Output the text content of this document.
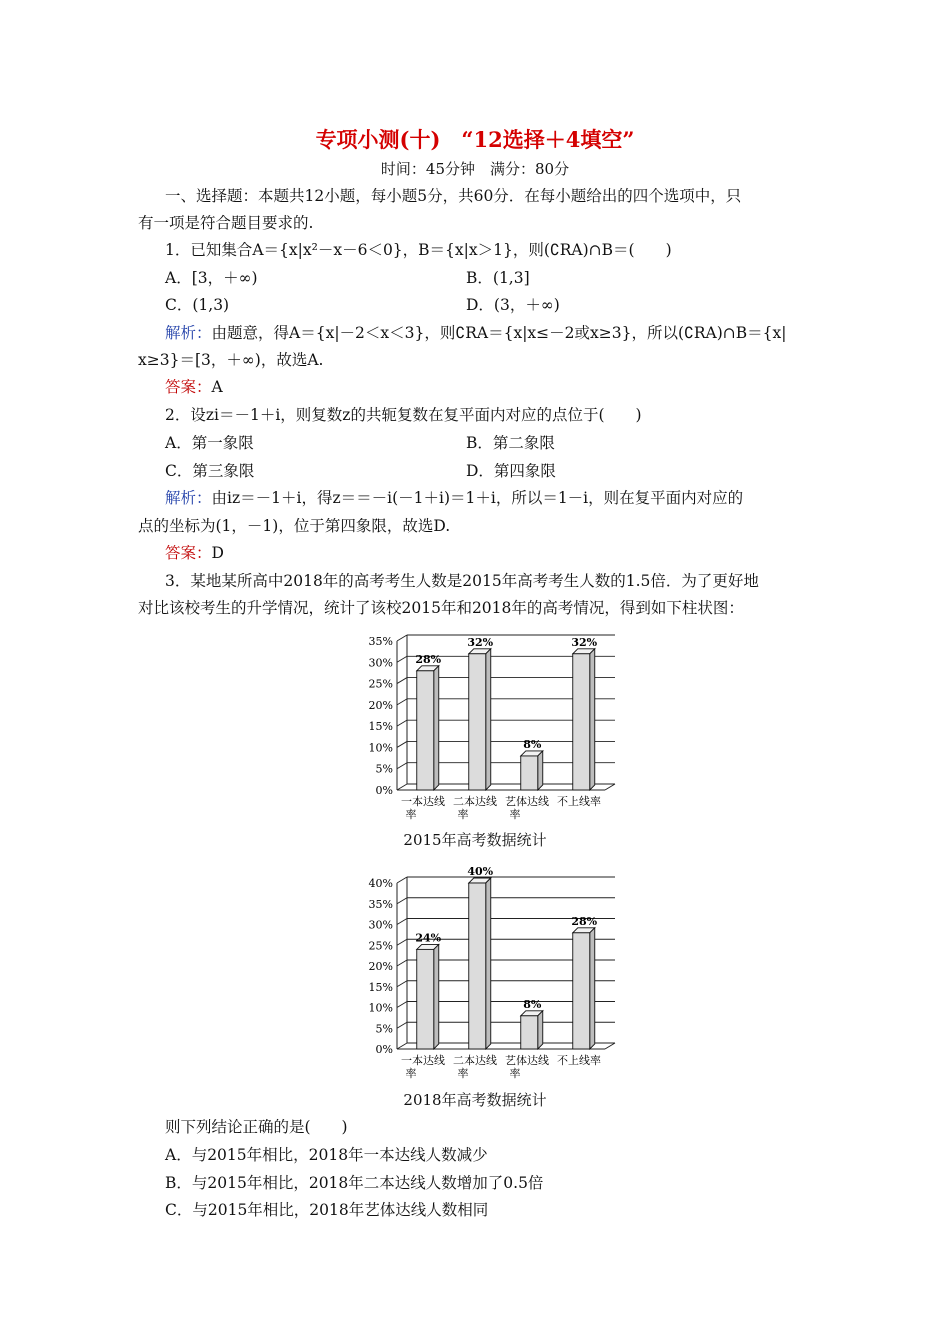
专项小测(十)　“12选择＋4填空”
时间：45分钟　满分：80分
一、选择题：本题共12小题，每小题5分，共60分．在每小题给出的四个选项中，只
有一项是符合题目要求的.
1．已知集合A＝{x|x²－x－6＜0}，B＝{x|x＞1}，则(∁RA)∩B＝(　　)
A．[3，＋∞)	B．(1,3]
C．(1,3)	D．(3，＋∞)
解析：由题意，得A＝{x|－2＜x＜3}，则∁RA＝{x|x≤－2或x≥3}，所以(∁RA)∩B＝{x|
x≥3}＝[3，＋∞)，故选A.
答案：A
2．设zi＝－1＋i，则复数z的共轭复数在复平面内对应的点位于(　　)
A．第一象限	B．第二象限
C．第三象限	D．第四象限
解析：由iz＝－1＋i，得z＝＝－i(－1＋i)＝1＋i，所以＝1－i，则在复平面内对应的
点的坐标为(1，－1)，位于第四象限，故选D.
答案：D
3．某地某所高中2018年的高考考生人数是2015年高考考生人数的1.5倍．为了更好地
对比该校考生的升学情况，统计了该校2015年和2018年的高考情况，得到如下柱状图：
0%
5%
10%
15%
20%
25%
30%
35%
28%
一本达线
率
32%
二本达线
率
8%
艺体达线
率
32%
不上线率
2015年高考数据统计
0%
5%
10%
15%
20%
25%
30%
35%
40%
24%
一本达线
率
40%
二本达线
率
8%
艺体达线
率
28%
不上线率
2018年高考数据统计
则下列结论正确的是(　　)
A．与2015年相比，2018年一本达线人数减少
B．与2015年相比，2018年二本达线人数增加了0.5倍
C．与2015年相比，2018年艺体达线人数相同
